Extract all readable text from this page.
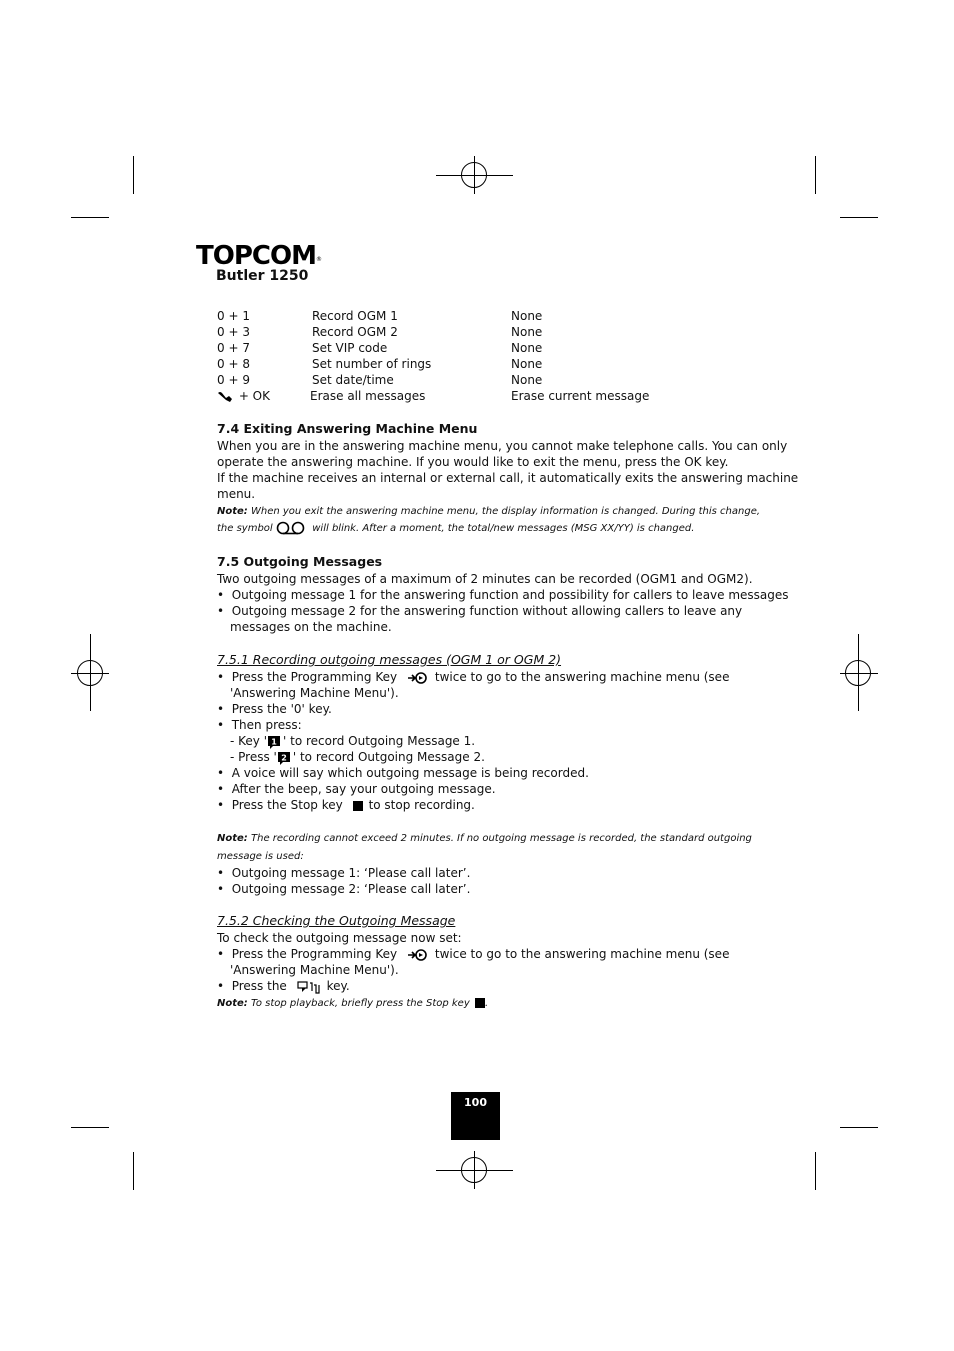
TOPCOM®
Butler 1250
0 + 1	Record OGM 1	None
0 + 3	Record OGM 2	None
0 + 7	Set VIP code	None
0 + 8	Set number of rings	None
0 + 9	Set date/time	None
+ OK	Erase all messages	Erase current message
7.4 Exiting Answering Machine Menu
When you are in the answering machine menu, you cannot make telephone calls. You can only
operate the answering machine. If you would like to exit the menu, press the OK key.
If the machine receives an internal or external call, it automatically exits the answering machine
menu.
Note: When you exit the answering machine menu, the display information is changed. During this change,
the symbol	will blink. After a moment, the total/new messages (MSG XX/YY) is changed.
7.5 Outgoing Messages
Two outgoing messages of a maximum of 2 minutes can be recorded (OGM1 and OGM2).
•  Outgoing message 1 for the answering function and possibility for callers to leave messages
•  Outgoing message 2 for the answering function without allowing callers to leave any
messages on the machine.
7.5.1 Recording outgoing messages (OGM 1 or OGM 2)
•  Press the Programming Key	twice to go to the answering machine menu (see
'Answering Machine Menu').
•  Press the '0' key.
•  Then press:
- Key ' 1 ' to record Outgoing Message 1.
- Press ' 2 ' to record Outgoing Message 2.
•  A voice will say which outgoing message is being recorded.
•  After the beep, say your outgoing message.
•  Press the Stop key to stop recording.
Note: The recording cannot exceed 2 minutes. If no outgoing message is recorded, the standard outgoing
message is used:
•  Outgoing message 1: ‘Please call later’.
•  Outgoing message 2: ‘Please call later’.
7.5.2 Checking the Outgoing Message
To check the outgoing message now set:
•  Press the Programming Key	twice to go to the answering machine menu (see
'Answering Machine Menu').
•  Press the	key.
Note: To stop playback, briefly press the Stop key .
100
